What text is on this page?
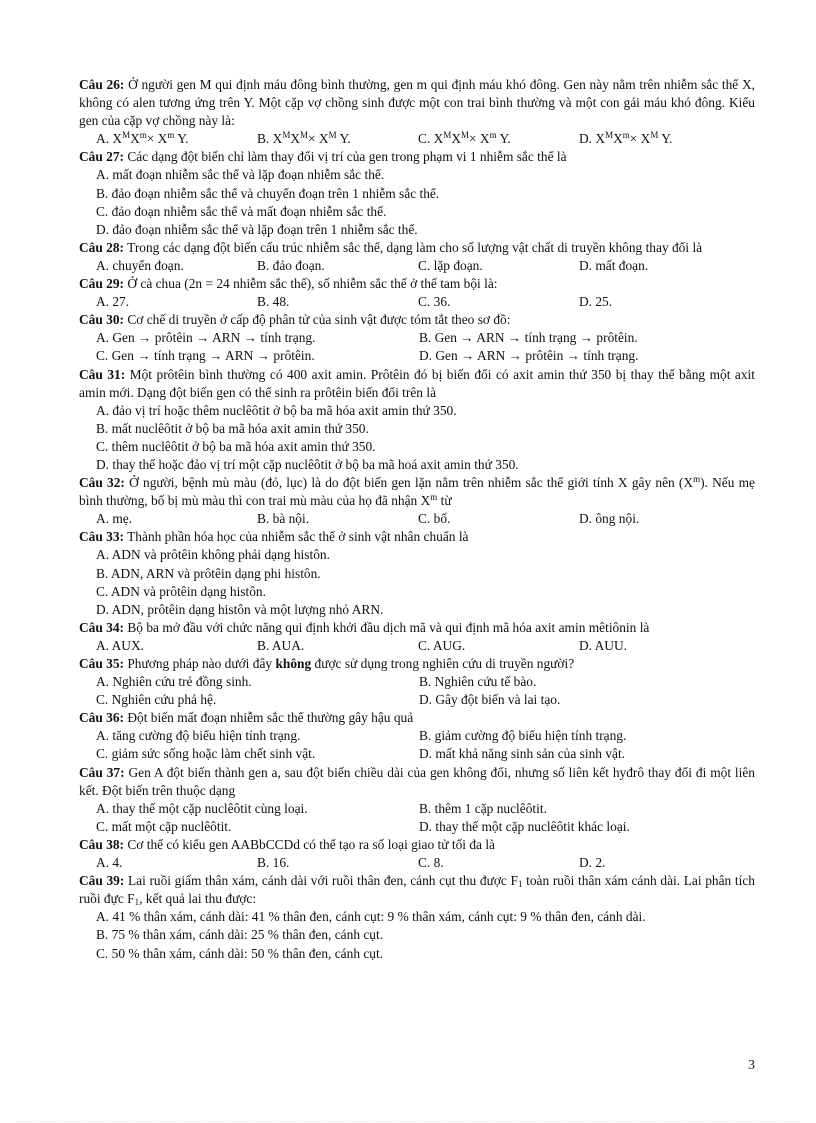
Câu 26: Ở người gen M qui định máu đông bình thường, gen m qui định máu khó đông. Gen này nằm trên nhiễm sắc thể X, không có alen tương ứng trên Y. Một cặp vợ chồng sinh được một con trai bình thường và một con gái máu khó đông. Kiểu gen của cặp vợ chồng này là:
A. $X^MX^m\times X^m$ Y.	B. $X^MX^M\times X^M$ Y.	C. $X^MX^M\times X^m$ Y.	D. $X^MX^m\times X^M$ Y.
Câu 27: Các dạng đột biến chỉ làm thay đổi vị trí của gen trong phạm vi 1 nhiễm sắc thể là
A. mất đoạn nhiễm sắc thể và lặp đoạn nhiễm sắc thể.
B. đảo đoạn nhiễm sắc thể và chuyển đoạn trên 1 nhiễm sắc thể.
C. đảo đoạn nhiễm sắc thể và mất đoạn nhiễm sắc thể.
D. đảo đoạn nhiễm sắc thể và lặp đoạn trên 1 nhiễm sắc thể.
Câu 28: Trong các dạng đột biến cấu trúc nhiễm sắc thể, dạng làm cho số lượng vật chất di truyền không thay đổi là
A. chuyển đoạn.	B. đảo đoạn.	C. lặp đoạn.	D. mất đoạn.
Câu 29: Ở cà chua (2n = 24 nhiễm sắc thế), số nhiễm sắc thế ở thế tam bội là:
A. 27.	B. 48.	C. 36.	D. 25.
Câu 30: Cơ chế di truyền ở cấp độ phân tử của sinh vật được tóm tắt theo sơ đồ:
A. Gen → prôtêin → ARN → tính trạng.	B. Gen → ARN → tính trạng → prôtêin.
C. Gen → tính trạng → ARN → prôtêin.	D. Gen → ARN → prôtêin → tính trạng.
Câu 31: Một prôtêin bình thường có 400 axit amin. Prôtêin đó bị biến đổi có axit amin thứ 350 bị thay thế bằng một axit amin mới. Dạng đột biến gen có thể sinh ra prôtêin biến đổi trên là
A. đảo vị trí hoặc thêm nuclêôtit ở bộ ba mã hóa axit amin thứ 350.
B. mất nuclêôtit ở bộ ba mã hóa axit amin thứ 350.
C. thêm nuclêôtit ở bộ ba mã hóa axit amin thứ 350.
D. thay thế hoặc đảo vị trí một cặp nuclêôtit ở bộ ba mã hoá axit amin thứ 350.
Câu 32: Ở người, bệnh mù màu (đỏ, lục) là do đột biến gen lặn nằm trên nhiễm sắc thể giới tính X gây nên $(X^m)$. Nếu mẹ bình thường, bố bị mù màu thì con trai mù màu của họ đã nhận $X^m$ từ
A. mẹ.	B. bà nội.	C. bố.	D. ông nội.
Câu 33: Thành phần hóa học của nhiễm sắc thể ở sinh vật nhân chuẩn là
A. ADN và prôtêin không phải dạng histôn.
B. ADN, ARN và prôtêin dạng phi histôn.
C. ADN và prôtêin dạng histôn.
D. ADN, prôtêin dạng histôn và một lượng nhỏ ARN.
Câu 34: Bộ ba mở đầu với chức năng qui định khởi đầu dịch mã và qui định mã hóa axit amin mêtiônin là
A. AUX.	B. AUA.	C. AUG.	D. AUU.
Câu 35: Phương pháp nào dưới đây không được sử dụng trong nghiên cứu di truyền người?
A. Nghiên cứu trẻ đồng sinh.	B. Nghiên cứu tế bào.
C. Nghiên cứu phả hệ.	D. Gây đột biến và lai tạo.
Câu 36: Đột biến mất đoạn nhiễm sắc thể thường gây hậu quả
A. tăng cường độ biểu hiện tính trạng.	B. giảm cường độ biểu hiện tính trạng.
C. giảm sức sống hoặc làm chết sinh vật.	D. mất khả năng sinh sản của sinh vật.
Câu 37: Gen A đột biến thành gen a, sau đột biến chiều dài của gen không đổi, nhưng số liên kết hyđrô thay đổi đi một liên kết. Đột biến trên thuộc dạng
A. thay thế một cặp nuclêôtit cùng loại.	B. thêm 1 cặp nuclêôtit.
C. mất một cặp nuclêôtit.	D. thay thế một cặp nuclêôtit khác loại.
Câu 38: Cơ thể có kiểu gen AABbCCDd có thể tạo ra số loại giao tử tối đa là
A. 4.	B. 16.	C. 8.	D. 2.
Câu 39: Lai ruồi giấm thân xám, cánh dài với ruồi thân đen, cánh cụt thu được $F_1$ toàn ruồi thân xám cánh dài. Lai phân tích ruồi đực $F_1$, kết quả lai thu được:
A. 41 % thân xám, cánh dài: 41 % thân đen, cánh cụt: 9 % thân xám, cánh cụt: 9 % thân đen, cánh dài.
B. 75 % thân xám, cánh dài: 25 % thân đen, cánh cụt.
C. 50 % thân xám, cánh dài: 50 % thân đen, cánh cụt.
3
